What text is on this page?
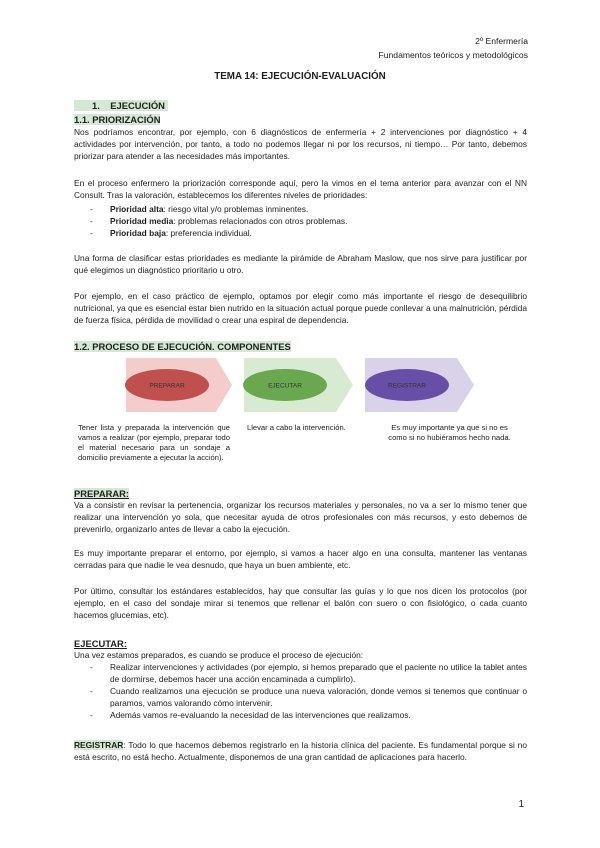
2º Enfermería
Fundamentos teóricos y metodológicos
TEMA 14: EJECUCIÓN-EVALUACIÓN
1.    EJECUCIÓN
1.1. PRIORIZACIÓN
Nos podríamos encontrar, por ejemplo, con 6 diagnósticos de enfermería + 2 intervenciones por diagnóstico + 4 actividades por intervención, por tanto, a todo no podemos llegar ni por los recursos, ni tiempo… Por tanto, debemos priorizar para atender a las necesidades más importantes.
En el proceso enfermero la priorización corresponde aquí, pero la vimos en el tema anterior para avanzar con el NN Consult. Tras la valoración, establecemos los diferentes niveles de prioridades:
- Prioridad alta: riesgo vital y/o problemas inminentes.
- Prioridad media: problemas relacionados con otros problemas.
- Prioridad baja: preferencia individual.
Una forma de clasificar estas prioridades es mediante la pirámide de Abraham Maslow, que nos sirve para justificar por qué elegimos un diagnóstico prioritario u otro.
Por ejemplo, en el caso práctico de ejemplo, optamos por elegir como más importante el riesgo de desequilibrio nutricional, ya que es esencial estar bien nutrido en la situación actual porque puede conllevar a una malnutrición, pérdida de fuerza física, pérdida de movilidad o crear una espiral de dependencia.
1.2. PROCESO DE EJECUCIÓN. COMPONENTES
PREPARAR	EJECUTAR	REGISTRAR
Tener lista y preparada la intervención que vamos a realizar (por ejemplo, preparar todo el material necesario para un sondaje a domicilio previamente a ejecutar la acción).
Llevar a cabo la intervención.	Es muy importante ya que si no es como si no hubiéramos hecho nada.
PREPARAR:
Va a consistir en revisar la pertenencia, organizar los recursos materiales y personales, no va a ser lo mismo tener que realizar una intervención yo sola, que necesitar ayuda de otros profesionales con más recursos, y esto debemos de prevenirlo, organizarlo antes de llevar a cabo la ejecución.
Es muy importante preparar el entorno, por ejemplo, si vamos a hacer algo en una consulta, mantener las ventanas cerradas para que nadie le vea desnudo, que haya un buen ambiente, etc.
Por último, consultar los estándares establecidos, hay que consultar las guías y lo que nos dicen los protocolos (por ejemplo, en el caso del sondaje mirar si tenemos que rellenar el balón con suero o con fisiológico, o cada cuanto hacemos glucemias, etc).
EJECUTAR:
Una vez estamos preparados, es cuando se produce el proceso de ejecución:
- Realizar intervenciones y actividades (por ejemplo, si hemos preparado que el paciente no utilice la tablet antes de dormirse, debemos hacer una acción encaminada a cumplirlo).
- Cuando realizamos una ejecución se produce una nueva valoración, donde vemos si tenemos que continuar o paramos, vamos valorando cómo intervenir.
- Además vamos re-evaluando la necesidad de las intervenciones que realizamos.
REGISTRAR: Todo lo que hacemos debemos registrarlo en la historia clínica del paciente. Es fundamental porque si no está escrito, no está hecho. Actualmente, disponemos de una gran cantidad de aplicaciones para hacerlo.
1
